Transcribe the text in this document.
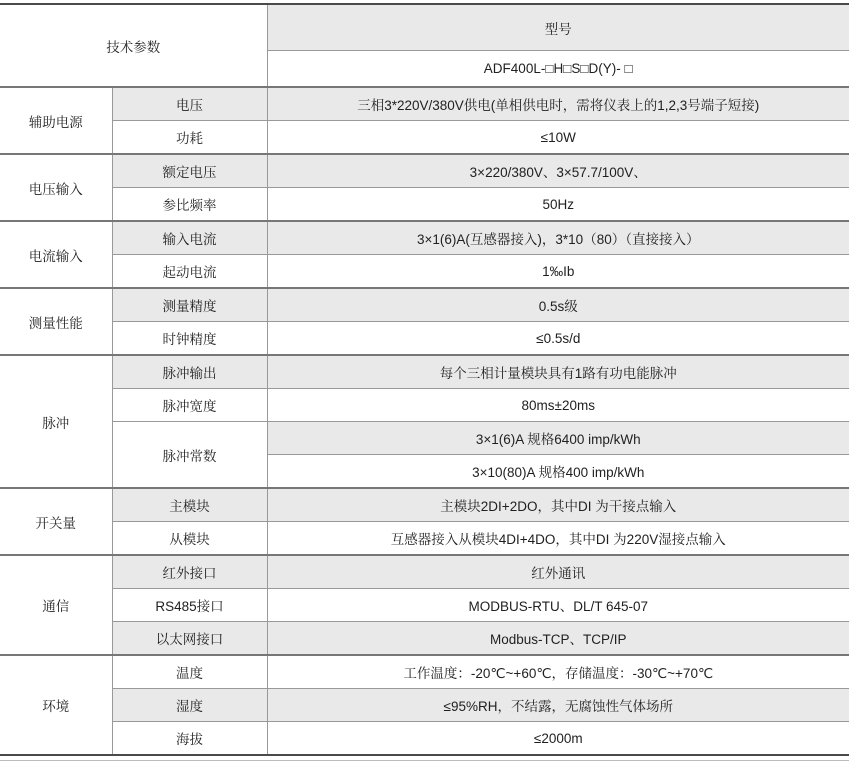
技术参数		型号
		ADF400L-□H□S□D(Y)- □
辅助电源	电压	三相3*220V/380V供电(单相供电时，需将仪表上的1,2,3号端子短接)
	功耗	≤10W
电压输入	额定电压	3×220/380V、3×57.7/100V、
	参比频率	50Hz
电流输入	输入电流	3×1(6)A(互感器接入)，3*10（80）（直接接入）
	起动电流	1‰Ib
测量性能	测量精度	0.5s级
	时钟精度	≤0.5s/d
脉冲	脉冲输出	每个三相计量模块具有1路有功电能脉冲
	脉冲宽度	80ms±20ms
	脉冲常数	3×1(6)A 规格6400 imp/kWh
		3×10(80)A 规格400 imp/kWh
开关量	主模块	主模块2DI+2DO，其中DI 为干接点输入
	从模块	互感器接入从模块4DI+4DO，其中DI 为220V湿接点输入
通信	红外接口	红外通讯
	RS485接口	MODBUS-RTU、DL/T 645-07
	以太网接口	Modbus-TCP、TCP/IP
环境	温度	工作温度：-20℃~+60℃，存储温度：-30℃~+70℃
	湿度	≤95%RH，不结露，无腐蚀性气体场所
	海拔	≤2000m
